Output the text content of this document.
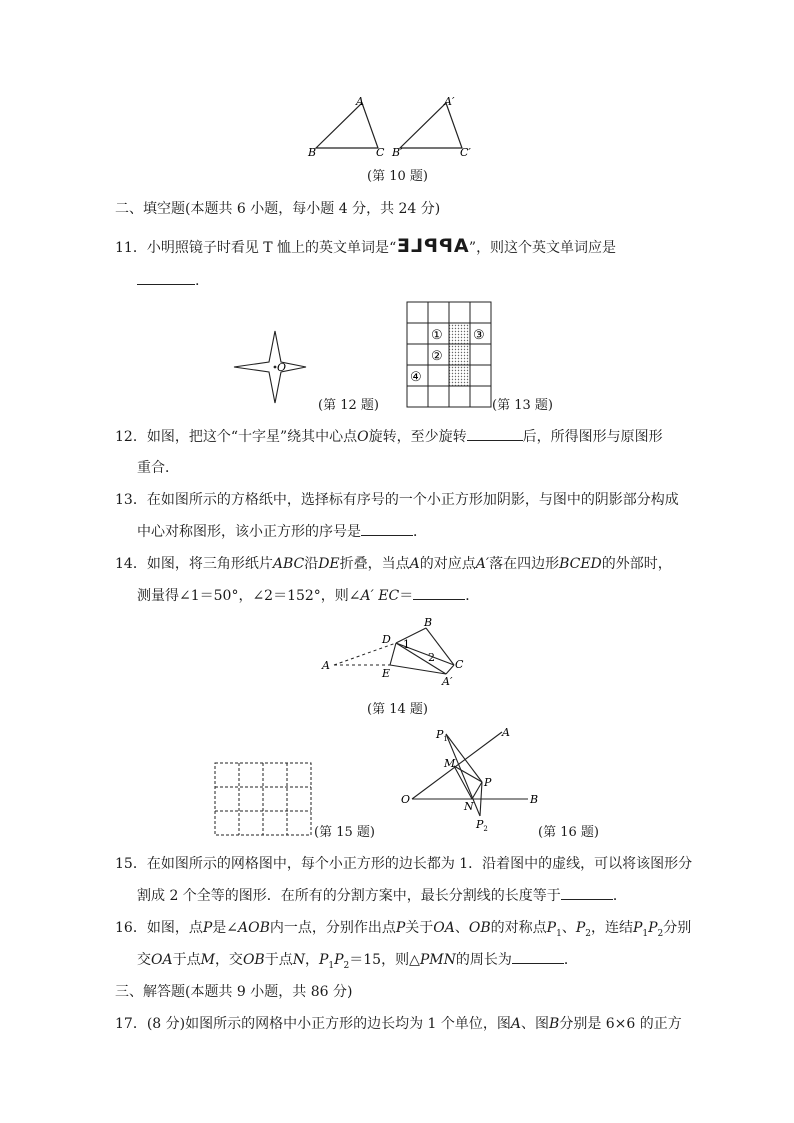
A
B	C
A′
B′	C′
(第 10 题)
二、填空题(本题共 6 小题，每小题 4 分，共 24 分)
11．小明照镜子时看见 T 恤上的英文单词是“APPLE”，则这个英文单词应是
.
O
(第 12 题)
①
②
③
④
(第 13 题)
12．如图，把这个“十字星”绕其中心点O旋转，至少旋转	后，所得图形与原图形
重合．
13．在如图所示的方格纸中，选择标有序号的一个小正方形加阴影，与图中的阴影部分构成
中心对称图形，该小正方形的序号是	．
14．如图，将三角形纸片ABC沿DE折叠，当点A的对应点A′落在四边形BCED的外部时，
测量得∠1＝50°，∠2＝152°，则∠A′ EC＝	．
A
B
C
D
E
A′
1
2
(第 14 题)
(第 15 题)
$P_1$	A
M
P
O
N
B
$P_2$	(第 16 题)
15．在如图所示的网格图中，每个小正方形的边长都为 1．沿着图中的虚线，可以将该图形分
割成 2 个全等的图形．在所有的分割方案中，最长分割线的长度等于	．
16．如图，点P是∠AOB内一点，分别作出点P关于OA、OB的对称点$P_1$、$P_2$，连结$P_1P_2$分别
交OA于点M，交OB于点N，$P_1P_2=15$，则△PMN的周长为	．
三、解答题(本题共 9 小题，共 86 分)
17．(8 分)如图所示的网格中小正方形的边长均为 1 个单位，图A、图B分别是 6×6 的正方
